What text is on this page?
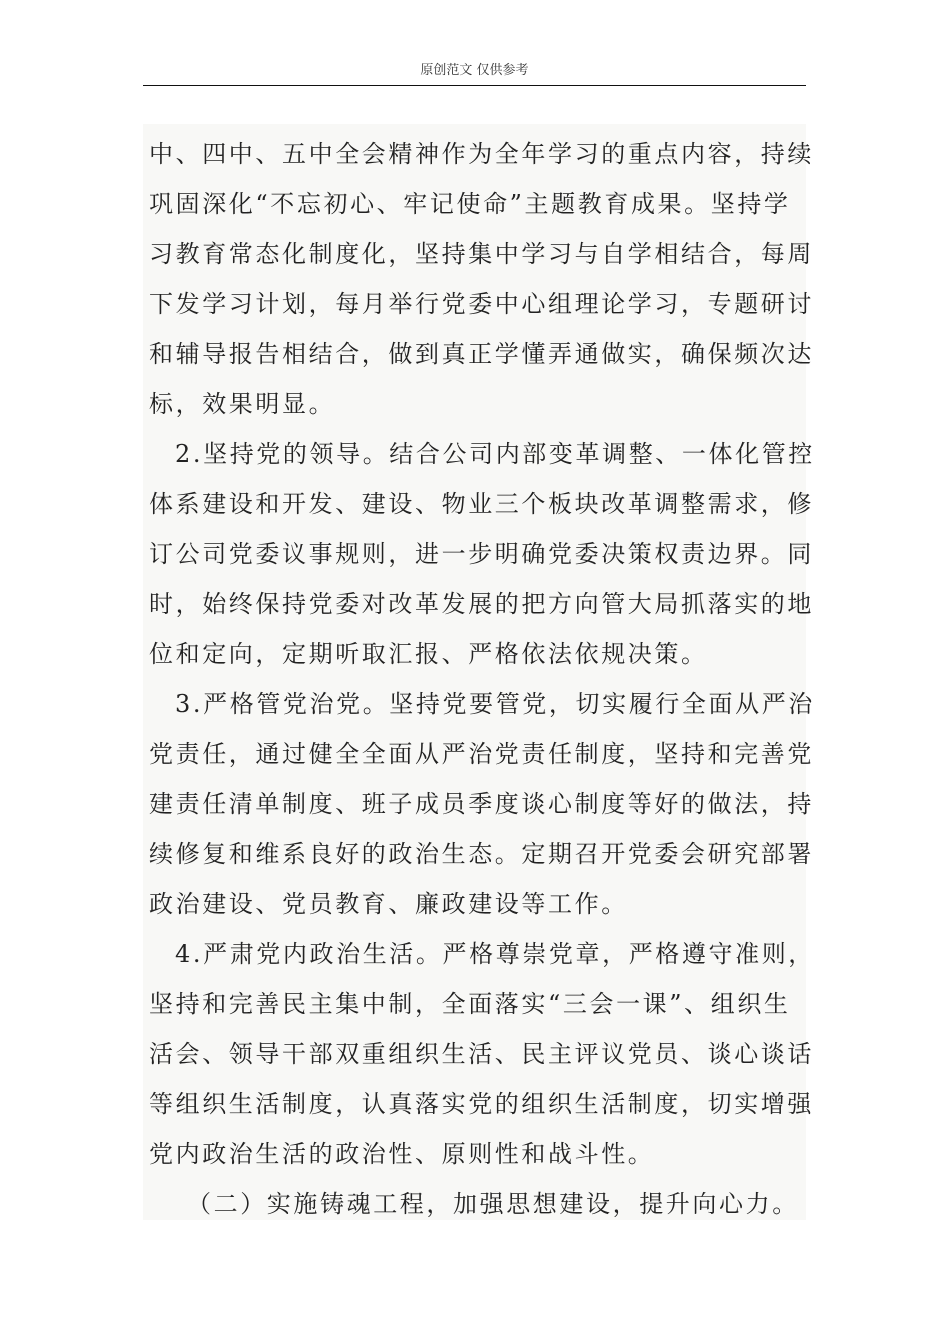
原创范文 仅供参考

中、四中、五中全会精神作为全年学习的重点内容，持续
巩固深化“不忘初心、牢记使命”主题教育成果。坚持学
习教育常态化制度化，坚持集中学习与自学相结合，每周
下发学习计划，每月举行党委中心组理论学习，专题研讨
和辅导报告相结合，做到真正学懂弄通做实，确保频次达
标，效果明显。

2.坚持党的领导。结合公司内部变革调整、一体化管控
体系建设和开发、建设、物业三个板块改革调整需求，修
订公司党委议事规则，进一步明确党委决策权责边界。同
时，始终保持党委对改革发展的把方向管大局抓落实的地
位和定向，定期听取汇报、严格依法依规决策。

3.严格管党治党。坚持党要管党，切实履行全面从严治
党责任，通过健全全面从严治党责任制度，坚持和完善党
建责任清单制度、班子成员季度谈心制度等好的做法，持
续修复和维系良好的政治生态。定期召开党委会研究部署
政治建设、党员教育、廉政建设等工作。

4.严肃党内政治生活。严格尊崇党章，严格遵守准则，
坚持和完善民主集中制，全面落实“三会一课”、组织生
活会、领导干部双重组织生活、民主评议党员、谈心谈话
等组织生活制度，认真落实党的组织生活制度，切实增强
党内政治生活的政治性、原则性和战斗性。

（二）实施铸魂工程，加强思想建设，提升向心力。
